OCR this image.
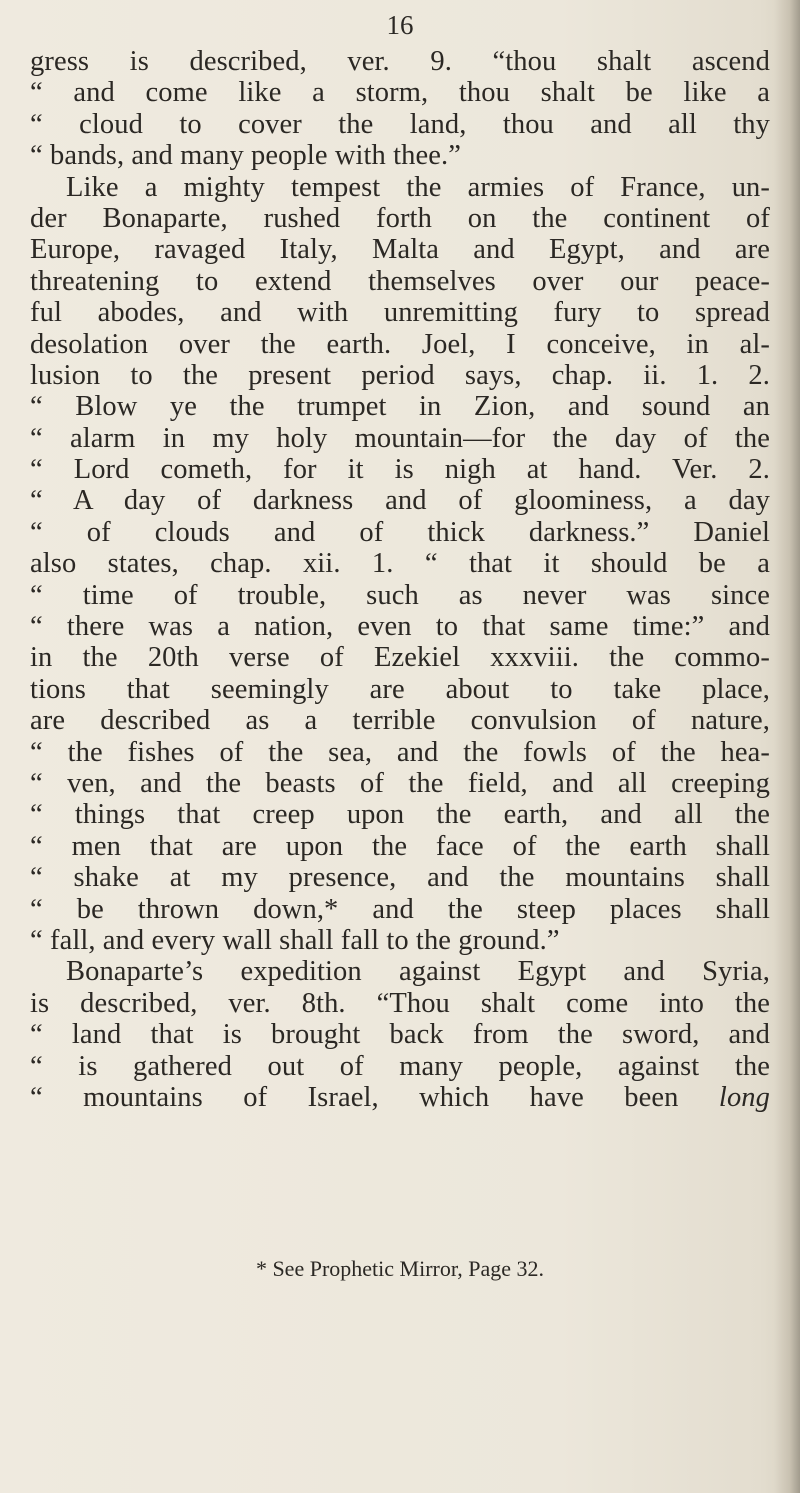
16
gress is described, ver. 9. “thou shalt ascend
“ and come like a storm, thou shalt be like a
“ cloud to cover the land, thou and all thy
“ bands, and many people with thee.”
Like a mighty tempest the armies of France, un-
der Bonaparte, rushed forth on the continent of
Europe, ravaged Italy, Malta and Egypt, and are
threatening to extend themselves over our peace-
ful abodes, and with unremitting fury to spread
desolation over the earth. Joel, I conceive, in al-
lusion to the present period says, chap. ii. 1. 2.
“ Blow ye the trumpet in Zion, and sound an
“ alarm in my holy mountain—for the day of the
“ Lord cometh, for it is nigh at hand. Ver. 2.
“ A day of darkness and of gloominess, a day
“ of clouds and of thick darkness.” Daniel
also states, chap. xii. 1. “ that it should be a
“ time of trouble, such as never was since
“ there was a nation, even to that same time:” and
in the 20th verse of Ezekiel xxxviii. the commo-
tions that seemingly are about to take place,
are described as a terrible convulsion of nature,
“ the fishes of the sea, and the fowls of the hea-
“ ven, and the beasts of the field, and all creeping
“ things that creep upon the earth, and all the
“ men that are upon the face of the earth shall
“ shake at my presence, and the mountains shall
“ be thrown down,* and the steep places shall
“ fall, and every wall shall fall to the ground.”
Bonaparte’s expedition against Egypt and Syria,
is described, ver. 8th. “Thou shalt come into the
“ land that is brought back from the sword, and
“ is gathered out of many people, against the
“ mountains of Israel, which have been long
* See Prophetic Mirror, Page 32.
